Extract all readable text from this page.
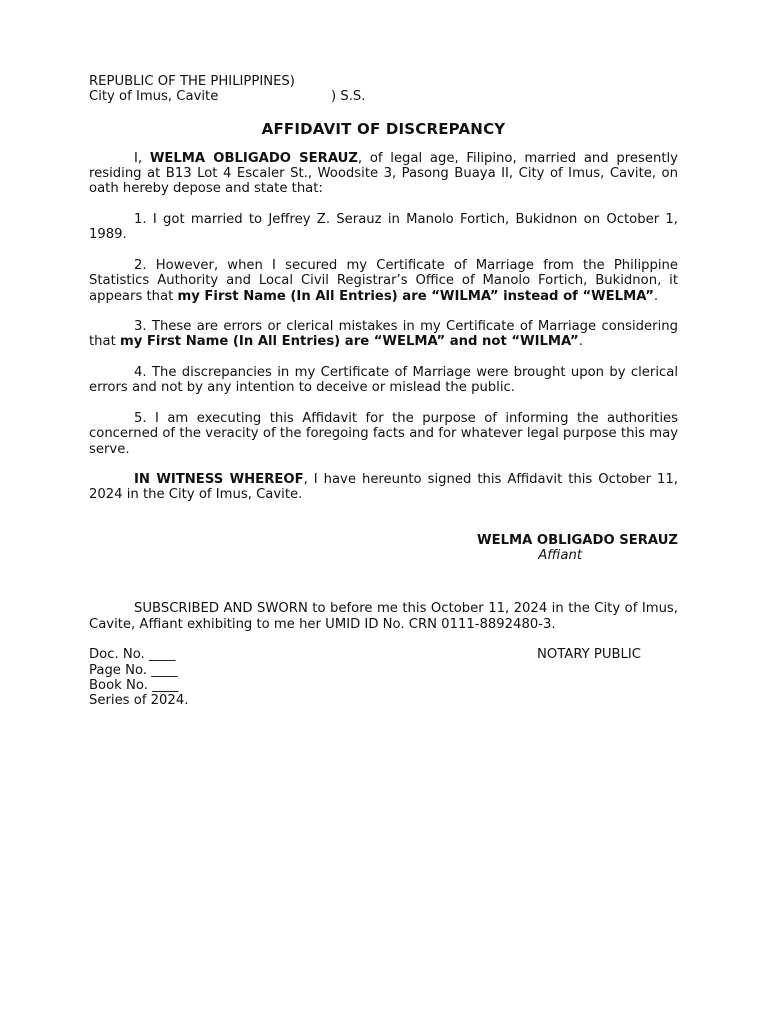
REPUBLIC OF THE PHILIPPINES)
City of Imus, Cavite	) S.S.
AFFIDAVIT OF DISCREPANCY

I, WELMA OBLIGADO SERAUZ, of legal age, Filipino, married and presently residing at B13 Lot 4 Escaler St., Woodsite 3, Pasong Buaya II, City of Imus, Cavite, on oath hereby depose and state that:

1. I got married to Jeffrey Z. Serauz in Manolo Fortich, Bukidnon on October 1, 1989.

2. However, when I secured my Certificate of Marriage from the Philippine Statistics Authority and Local Civil Registrar’s Office of Manolo Fortich, Bukidnon, it appears that my First Name (In All Entries) are “WILMA” instead of “WELMA”.

3. These are errors or clerical mistakes in my Certificate of Marriage considering that my First Name (In All Entries) are “WELMA” and not “WILMA”.

4. The discrepancies in my Certificate of Marriage were brought upon by clerical errors and not by any intention to deceive or mislead the public.

5. I am executing this Affidavit for the purpose of informing the authorities concerned of the veracity of the foregoing facts and for whatever legal purpose this may serve.

IN WITNESS WHEREOF, I have hereunto signed this Affidavit this October 11, 2024 in the City of Imus, Cavite.

WELMA OBLIGADO SERAUZ
Affiant

SUBSCRIBED AND SWORN to before me this October 11, 2024 in the City of Imus, Cavite, Affiant exhibiting to me her UMID ID No. CRN 0111-8892480-3.

Doc. No. ____
Page No. ____
Book No. ____
Series of 2024.
NOTARY PUBLIC
